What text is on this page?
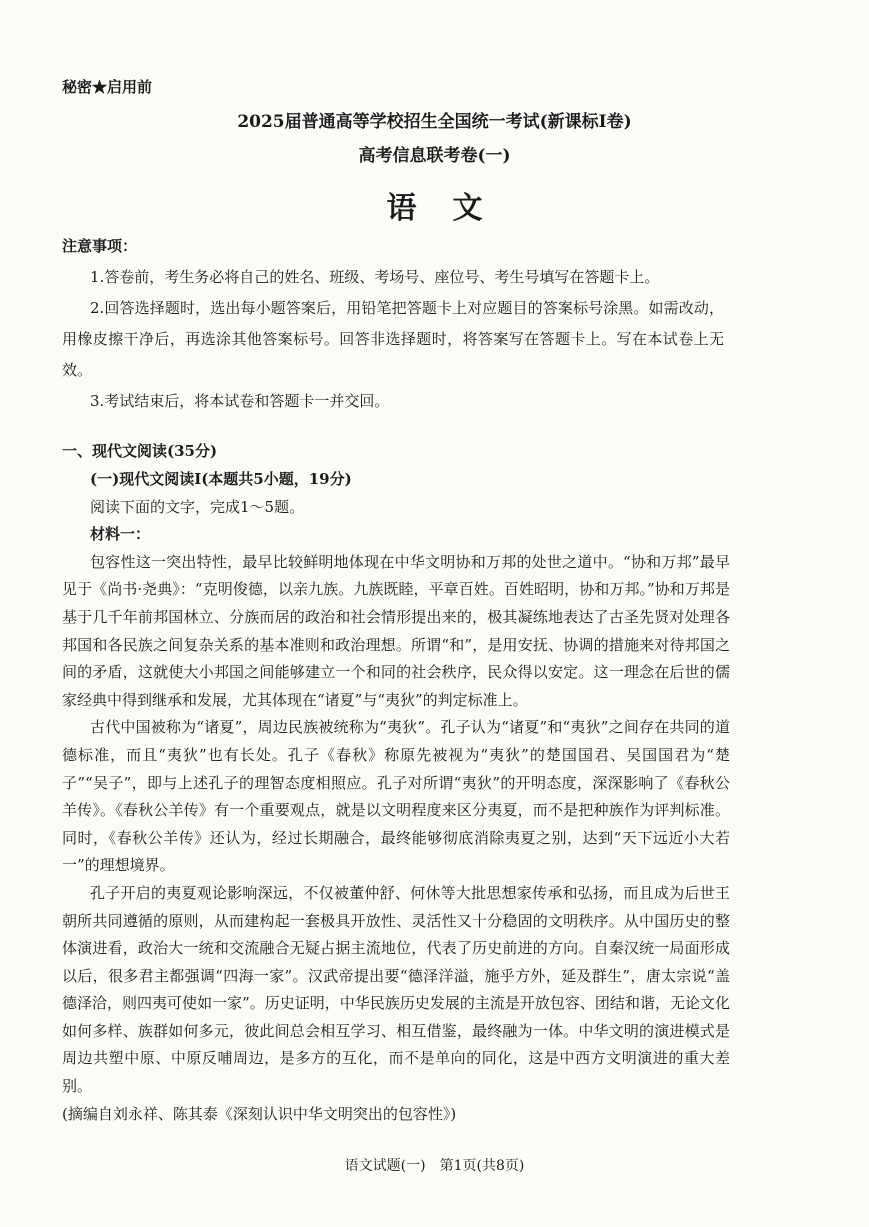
秘密★启用前
2025届普通高等学校招生全国统一考试(新课标Ⅰ卷)
高考信息联考卷(一)
语文
注意事项：

1.答卷前，考生务必将自己的姓名、班级、考场号、座位号、考生号填写在答题卡上。

2.回答选择题时，选出每小题答案后，用铅笔把答题卡上对应题目的答案标号涂黑。如需改动，用橡皮擦干净后，再选涂其他答案标号。回答非选择题时，将答案写在答题卡上。写在本试卷上无效。

3.考试结束后，将本试卷和答题卡一并交回。

一、现代文阅读(35分)

(一)现代文阅读Ⅰ(本题共5小题，19分)

阅读下面的文字，完成1～5题。

材料一：

包容性这一突出特性，最早比较鲜明地体现在中华文明协和万邦的处世之道中。“协和万邦”最早见于《尚书·尧典》：“克明俊德，以亲九族。九族既睦，平章百姓。百姓昭明，协和万邦。”协和万邦是基于几千年前邦国林立、分族而居的政治和社会情形提出来的，极其凝练地表达了古圣先贤对处理各邦国和各民族之间复杂关系的基本准则和政治理想。所谓“和”，是用安抚、协调的措施来对待邦国之间的矛盾，这就使大小邦国之间能够建立一个和同的社会秩序，民众得以安定。这一理念在后世的儒家经典中得到继承和发展，尤其体现在“诸夏”与“夷狄”的判定标准上。

古代中国被称为“诸夏”，周边民族被统称为“夷狄”。孔子认为“诸夏”和“夷狄”之间存在共同的道德标准，而且“夷狄”也有长处。孔子《春秋》称原先被视为“夷狄”的楚国国君、吴国国君为“楚子”“吴子”，即与上述孔子的理智态度相照应。孔子对所谓“夷狄”的开明态度，深深影响了《春秋公羊传》。《春秋公羊传》有一个重要观点，就是以文明程度来区分夷夏，而不是把种族作为评判标准。同时，《春秋公羊传》还认为，经过长期融合，最终能够彻底消除夷夏之别，达到“天下远近小大若一”的理想境界。

孔子开启的夷夏观论影响深远，不仅被董仲舒、何休等大批思想家传承和弘扬，而且成为后世王朝所共同遵循的原则，从而建构起一套极具开放性、灵活性又十分稳固的文明秩序。从中国历史的整体演进看，政治大一统和交流融合无疑占据主流地位，代表了历史前进的方向。自秦汉统一局面形成以后，很多君主都强调“四海一家”。汉武帝提出要“德泽洋溢，施乎方外，延及群生”，唐太宗说“盖德泽洽，则四夷可使如一家”。历史证明，中华民族历史发展的主流是开放包容、团结和谐，无论文化如何多样、族群如何多元，彼此间总会相互学习、相互借鉴，最终融为一体。中华文明的演进模式是周边共塑中原、中原反哺周边，是多方的互化，而不是单向的同化，这是中西方文明演进的重大差别。

(摘编自刘永祥、陈其泰《深刻认识中华文明突出的包容性》)

语文试题(一)　第1页(共8页)
